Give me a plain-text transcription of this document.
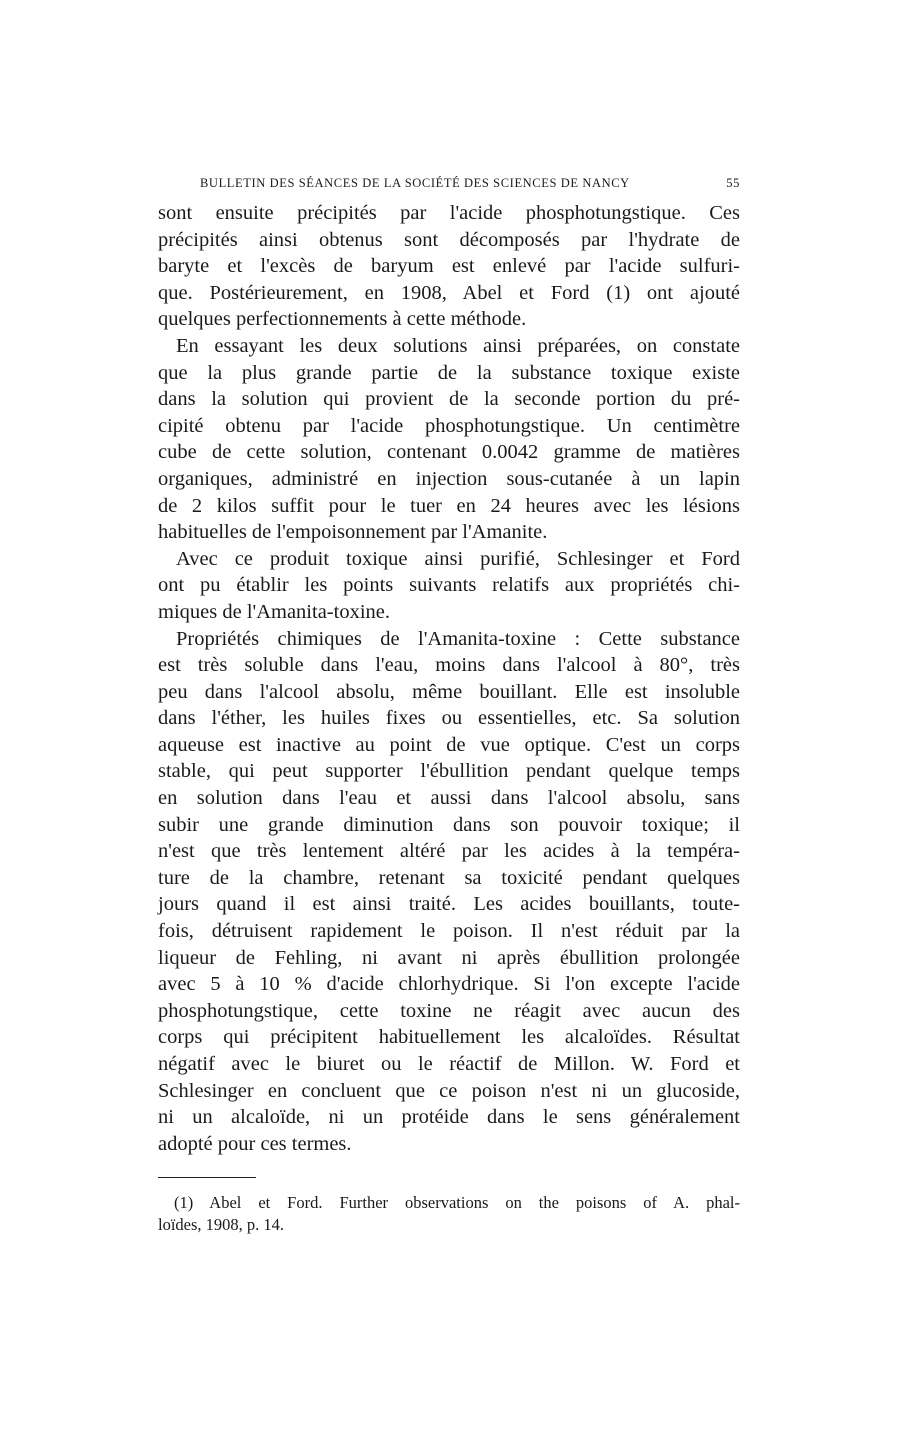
BULLETIN DES SÉANCES DE LA SOCIÉTÉ DES SCIENCES DE NANCY	55
sont ensuite précipités par l'acide phosphotungstique. Ces
précipités ainsi obtenus sont décomposés par l'hydrate de
baryte et l'excès de baryum est enlevé par l'acide sulfuri-
que. Postérieurement, en 1908, Abel et Ford (1) ont ajouté
quelques perfectionnements à cette méthode.
En essayant les deux solutions ainsi préparées, on constate
que la plus grande partie de la substance toxique existe
dans la solution qui provient de la seconde portion du pré-
cipité obtenu par l'acide phosphotungstique. Un centimètre
cube de cette solution, contenant 0.0042 gramme de matières
organiques, administré en injection sous-cutanée à un lapin
de 2 kilos suffit pour le tuer en 24 heures avec les lésions
habituelles de l'empoisonnement par l'Amanite.
Avec ce produit toxique ainsi purifié, Schlesinger et Ford
ont pu établir les points suivants relatifs aux propriétés chi-
miques de l'Amanita-toxine.
Propriétés chimiques de l'Amanita-toxine : Cette substance
est très soluble dans l'eau, moins dans l'alcool à 80°, très
peu dans l'alcool absolu, même bouillant. Elle est insoluble
dans l'éther, les huiles fixes ou essentielles, etc. Sa solution
aqueuse est inactive au point de vue optique. C'est un corps
stable, qui peut supporter l'ébullition pendant quelque temps
en solution dans l'eau et aussi dans l'alcool absolu, sans
subir une grande diminution dans son pouvoir toxique; il
n'est que très lentement altéré par les acides à la tempéra-
ture de la chambre, retenant sa toxicité pendant quelques
jours quand il est ainsi traité. Les acides bouillants, toute-
fois, détruisent rapidement le poison. Il n'est réduit par la
liqueur de Fehling, ni avant ni après ébullition prolongée
avec 5 à 10 % d'acide chlorhydrique. Si l'on excepte l'acide
phosphotungstique, cette toxine ne réagit avec aucun des
corps qui précipitent habituellement les alcaloïdes. Résultat
négatif avec le biuret ou le réactif de Millon. W. Ford et
Schlesinger en concluent que ce poison n'est ni un glucoside,
ni un alcaloïde, ni un protéide dans le sens généralement
adopté pour ces termes.
(1) Abel et Ford. Further observations on the poisons of A. phal-
loïdes, 1908, p. 14.
